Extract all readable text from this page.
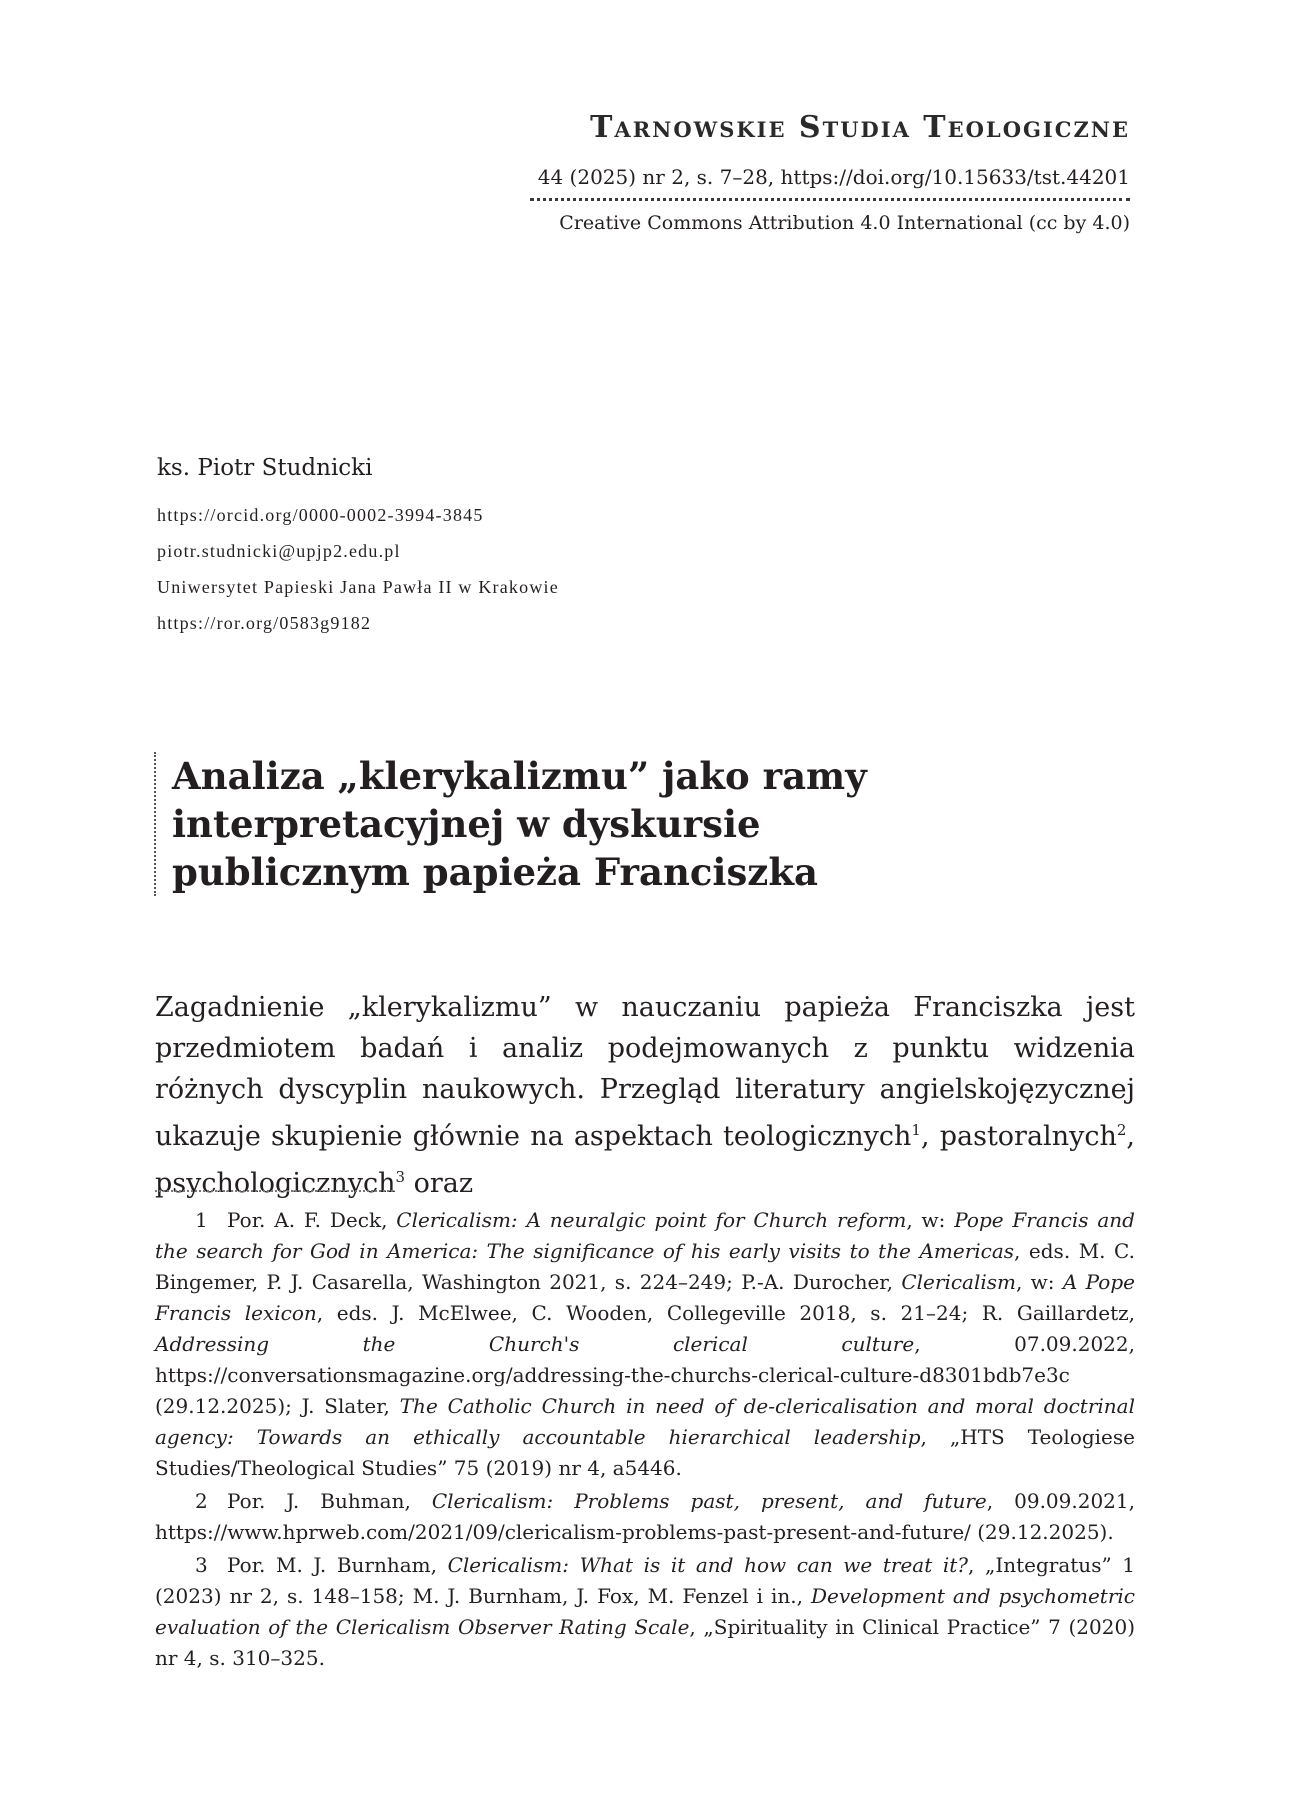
Tarnowskie Studia Teologiczne
44 (2025) nr 2, s. 7–28, https://doi.org/10.15633/tst.44201
Creative Commons Attribution 4.0 International (cc by 4.0)
ks. Piotr Studnicki
https://orcid.org/0000-0002-3994-3845
piotr.studnicki@upjp2.edu.pl
Uniwersytet Papieski Jana Pawła II w Krakowie
https://ror.org/0583g9182
Analiza „klerykalizmu” jako ramy interpretacyjnej w dyskursie publicznym papieża Franciszka
Zagadnienie „klerykalizmu” w nauczaniu papieża Franciszka jest przedmiotem badań i analiz podejmowanych z punktu widzenia różnych dyscyplin naukowych. Przegląd literatury angielskojęzycznej ukazuje skupienie głównie na aspektach teologicznych$^1$, pastoralnych$^2$, psychologicznych$^3$ oraz

1 Por. A. F. Deck, Clericalism: A neuralgic point for Church reform, w: Pope Francis and the search for God in America: The significance of his early visits to the Americas, eds. M. C. Bingemer, P. J. Casarella, Washington 2021, s. 224–249; P.-A. Durocher, Clericalism, w: A Pope Francis lexicon, eds. J. McElwee, C. Wooden, Collegeville 2018, s. 21–24; R. Gaillardetz, Addressing the Church's clerical culture, 07.09.2022, https://conversationsmagazine.org/addressing-the-churchs-clerical-culture-d8301bdb7e3c (29.12.2025); J. Slater, The Catholic Church in need of de-clericalisation and moral doctrinal agency: Towards an ethically accountable hierarchical leadership, „HTS Teologiese Studies/Theological Studies” 75 (2019) nr 4, a5446.

2 Por. J. Buhman, Clericalism: Problems past, present, and future, 09.09.2021, https://www.hprweb.com/2021/09/clericalism-problems-past-present-and-future/ (29.12.2025).

3 Por. M. J. Burnham, Clericalism: What is it and how can we treat it?, „Integratus” 1 (2023) nr 2, s. 148–158; M. J. Burnham, J. Fox, M. Fenzel i in., Development and psychometric evaluation of the Clericalism Observer Rating Scale, „Spirituality in Clinical Practice” 7 (2020) nr 4, s. 310–325.
